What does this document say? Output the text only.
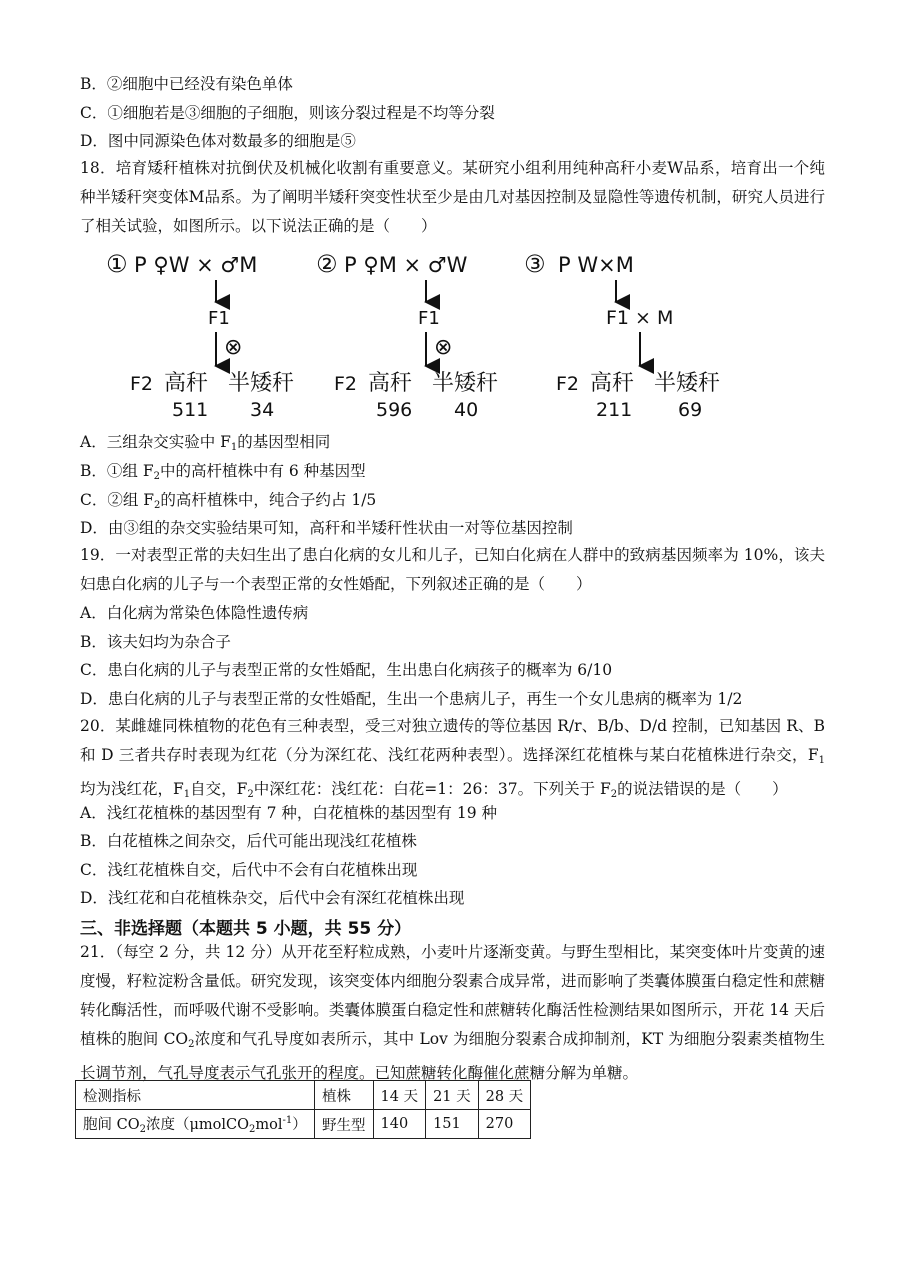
B．②细胞中已经没有染色单体
C．①细胞若是③细胞的子细胞，则该分裂过程是不均等分裂
D．图中同源染色体对数最多的细胞是⑤
18．培育矮秆植株对抗倒伏及机械化收割有重要意义。某研究小组利用纯种高秆小麦W品系，培育出一个纯种半矮秆突变体M品系。为了阐明半矮秆突变性状至少是由几对基因控制及显隐性等遗传机制，研究人员进行了相关试验，如图所示。以下说法正确的是（　　）
① P ♀W × ♂M
F1
⊗
F2 高秆 半矮秆
511 34
② P ♀M × ♂W
F1
⊗
F2 高秆 半矮秆
596 40
③ P W×M
F1 × M
F2 高秆 半矮秆
211 69
A．三组杂交实验中 $F_1$的基因型相同
B．①组 $F_2$中的高杆植株中有 6 种基因型
C．②组 $F_2$的高杆植株中，纯合子约占 1/5
D．由③组的杂交实验结果可知，高秆和半矮秆性状由一对等位基因控制
19．一对表型正常的夫妇生出了患白化病的女儿和儿子，已知白化病在人群中的致病基因频率为 10%，该夫妇患白化病的儿子与一个表型正常的女性婚配，下列叙述正确的是（　　）
A．白化病为常染色体隐性遗传病
B．该夫妇均为杂合子
C．患白化病的儿子与表型正常的女性婚配，生出患白化病孩子的概率为 6/10
D．患白化病的儿子与表型正常的女性婚配，生出一个患病儿子，再生一个女儿患病的概率为 1/2
20．某雌雄同株植物的花色有三种表型，受三对独立遗传的等位基因 R/r、B/b、D/d 控制，已知基因 R、B 和 D 三者共存时表现为红花（分为深红花、浅红花两种表型）。选择深红花植株与某白花植株进行杂交，$F_1$ 均为浅红花，$F_1$自交，$F_2$中深红花：浅红花：白花=1：26：37。下列关于 $F_2$的说法错误的是（　　）
A．浅红花植株的基因型有 7 种，白花植株的基因型有 19 种
B．白花植株之间杂交，后代可能出现浅红花植株
C．浅红花植株自交，后代中不会有白花植株出现
D．浅红花和白花植株杂交，后代中会有深红花植株出现
三、非选择题（本题共 5 小题，共 55 分）
21．（每空 2 分，共 12 分）从开花至籽粒成熟，小麦叶片逐渐变黄。与野生型相比，某突变体叶片变黄的速度慢，籽粒淀粉含量低。研究发现，该突变体内细胞分裂素合成异常，进而影响了类囊体膜蛋白稳定性和蔗糖转化酶活性，而呼吸代谢不受影响。类囊体膜蛋白稳定性和蔗糖转化酶活性检测结果如图所示，开花 14 天后植株的胞间 $CO_2$浓度和气孔导度如表所示，其中 Lov 为细胞分裂素合成抑制剂，KT 为细胞分裂素类植物生长调节剂，气孔导度表示气孔张开的程度。已知蔗糖转化酶催化蔗糖分解为单糖。
检测指标	植株	14 天	21 天	28 天
胞间 $CO_2$浓度（μmolCO$_2$mol$^{-1}$）	野生型	140	151	270
